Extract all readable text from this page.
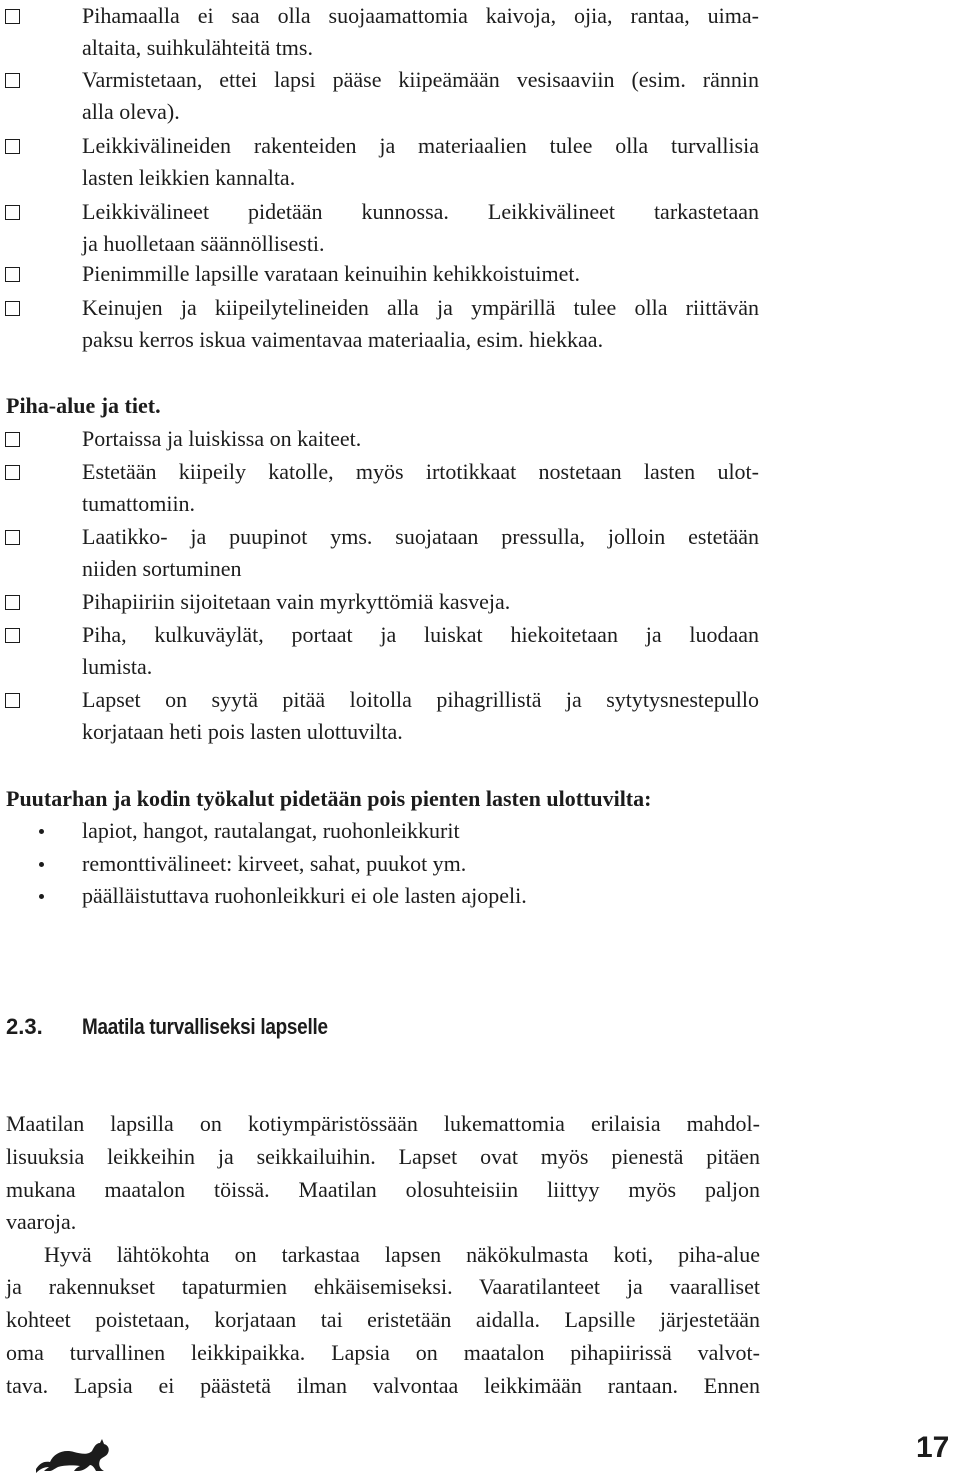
Pihamaalla ei saa olla suojaamattomia kaivoja, ojia, rantaa, uima-
altaita, suihkulähteitä tms.
Varmistetaan, ettei lapsi pääse kiipeämään vesisaaviin (esim. rännin
alla oleva).
Leikkivälineiden rakenteiden ja materiaalien tulee olla turvallisia
lasten leikkien kannalta.
Leikkivälineet pidetään kunnossa. Leikkivälineet tarkastetaan
ja huolletaan säännöllisesti.
Pienimmille lapsille varataan keinuihin kehikkoistuimet.
Keinujen ja kiipeilytelineiden alla ja ympärillä tulee olla riittävän
paksu kerros iskua vaimentavaa materiaalia, esim. hiekkaa.
Piha-alue ja tiet.
Portaissa ja luiskissa on kaiteet.
Estetään kiipeily katolle, myös irtotikkaat nostetaan lasten ulot-
tumattomiin.
Laatikko- ja puupinot yms. suojataan pressulla, jolloin estetään
niiden sortuminen
Pihapiiriin sijoitetaan vain myrkyttömiä kasveja.
Piha, kulkuväylät, portaat ja luiskat hiekoitetaan ja luodaan
lumista.
Lapset on syytä pitää loitolla pihagrillistä ja sytytysnestepullo
korjataan heti pois lasten ulottuvilta.
Puutarhan ja kodin työkalut pidetään pois pienten lasten ulottuvilta:
lapiot, hangot, rautalangat, ruohonleikkurit
remonttivälineet: kirveet, sahat, puukot ym.
päälläistuttava ruohonleikkuri ei ole lasten ajopeli.
2.3. Maatila turvalliseksi lapselle
Maatilan lapsilla on kotiympäristössään lukemattomia erilaisia mahdol-
lisuuksia leikkeihin ja seikkailuihin. Lapset ovat myös pienestä pitäen
mukana maatalon töissä. Maatilan olosuhteisiin liittyy myös paljon
vaaroja.
Hyvä lähtökohta on tarkastaa lapsen näkökulmasta koti, piha-alue
ja rakennukset tapaturmien ehkäisemiseksi. Vaaratilanteet ja vaaralliset
kohteet poistetaan, korjataan tai eristetään aidalla. Lapsille järjestetään
oma turvallinen leikkipaikka. Lapsia on maatalon pihapiirissä valvot-
tava. Lapsia ei päästetä ilman valvontaa leikkimään rantaan. Ennen
17
